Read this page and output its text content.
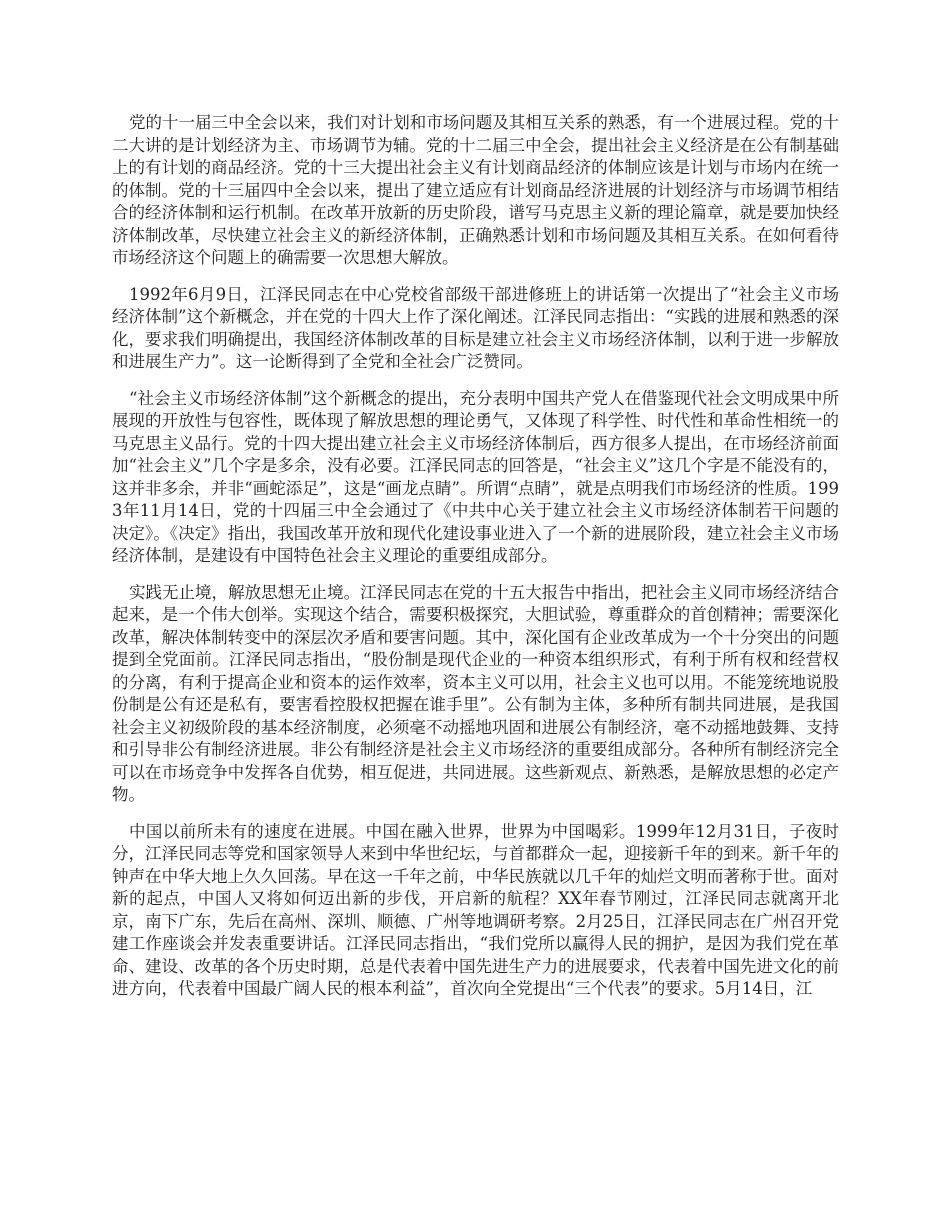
党的十一届三中全会以来，我们对计划和市场问题及其相互关系的熟悉，有一个进展过程。党的十二大讲的是计划经济为主、市场调节为辅。党的十二届三中全会，提出社会主义经济是在公有制基础上的有计划的商品经济。党的十三大提出社会主义有计划商品经济的体制应该是计划与市场内在统一的体制。党的十三届四中全会以来，提出了建立适应有计划商品经济进展的计划经济与市场调节相结合的经济体制和运行机制。在改革开放新的历史阶段，谱写马克思主义新的理论篇章，就是要加快经济体制改革，尽快建立社会主义的新经济体制，正确熟悉计划和市场问题及其相互关系。在如何看待市场经济这个问题上的确需要一次思想大解放。

1992年6月9日，江泽民同志在中心党校省部级干部进修班上的讲话第一次提出了“社会主义市场经济体制”这个新概念，并在党的十四大上作了深化阐述。江泽民同志指出：“实践的进展和熟悉的深化，要求我们明确提出，我国经济体制改革的目标是建立社会主义市场经济体制，以利于进一步解放和进展生产力”。这一论断得到了全党和全社会广泛赞同。

“社会主义市场经济体制”这个新概念的提出，充分表明中国共产党人在借鉴现代社会文明成果中所展现的开放性与包容性，既体现了解放思想的理论勇气，又体现了科学性、时代性和革命性相统一的马克思主义品行。党的十四大提出建立社会主义市场经济体制后，西方很多人提出，在市场经济前面加“社会主义”几个字是多余，没有必要。江泽民同志的回答是，“社会主义”这几个字是不能没有的，这并非多余，并非“画蛇添足”，这是“画龙点睛”。所谓“点睛”，就是点明我们市场经济的性质。1993年11月14日，党的十四届三中全会通过了《中共中心关于建立社会主义市场经济体制若干问题的决定》。《决定》指出，我国改革开放和现代化建设事业进入了一个新的进展阶段，建立社会主义市场经济体制，是建设有中国特色社会主义理论的重要组成部分。

实践无止境，解放思想无止境。江泽民同志在党的十五大报告中指出，把社会主义同市场经济结合起来，是一个伟大创举。实现这个结合，需要积极探究，大胆试验，尊重群众的首创精神；需要深化改革，解决体制转变中的深层次矛盾和要害问题。其中，深化国有企业改革成为一个十分突出的问题提到全党面前。江泽民同志指出，“股份制是现代企业的一种资本组织形式，有利于所有权和经营权的分离，有利于提高企业和资本的运作效率，资本主义可以用，社会主义也可以用。不能笼统地说股份制是公有还是私有，要害看控股权把握在谁手里”。公有制为主体，多种所有制共同进展，是我国社会主义初级阶段的基本经济制度，必须毫不动摇地巩固和进展公有制经济，毫不动摇地鼓舞、支持和引导非公有制经济进展。非公有制经济是社会主义市场经济的重要组成部分。各种所有制经济完全可以在市场竞争中发挥各自优势，相互促进，共同进展。这些新观点、新熟悉，是解放思想的必定产物。

中国以前所未有的速度在进展。中国在融入世界，世界为中国喝彩。1999年12月31日，子夜时分，江泽民同志等党和国家领导人来到中华世纪坛，与首都群众一起，迎接新千年的到来。新千年的钟声在中华大地上久久回荡。早在这一千年之前，中华民族就以几千年的灿烂文明而著称于世。面对新的起点，中国人又将如何迈出新的步伐，开启新的航程？XX年春节刚过，江泽民同志就离开北京，南下广东，先后在高州、深圳、顺德、广州等地调研考察。2月25日，江泽民同志在广州召开党建工作座谈会并发表重要讲话。江泽民同志指出，“我们党所以赢得人民的拥护，是因为我们党在革命、建设、改革的各个历史时期，总是代表着中国先进生产力的进展要求，代表着中国先进文化的前进方向，代表着中国最广阔人民的根本利益”，首次向全党提出“三个代表”的要求。5月14日，江
